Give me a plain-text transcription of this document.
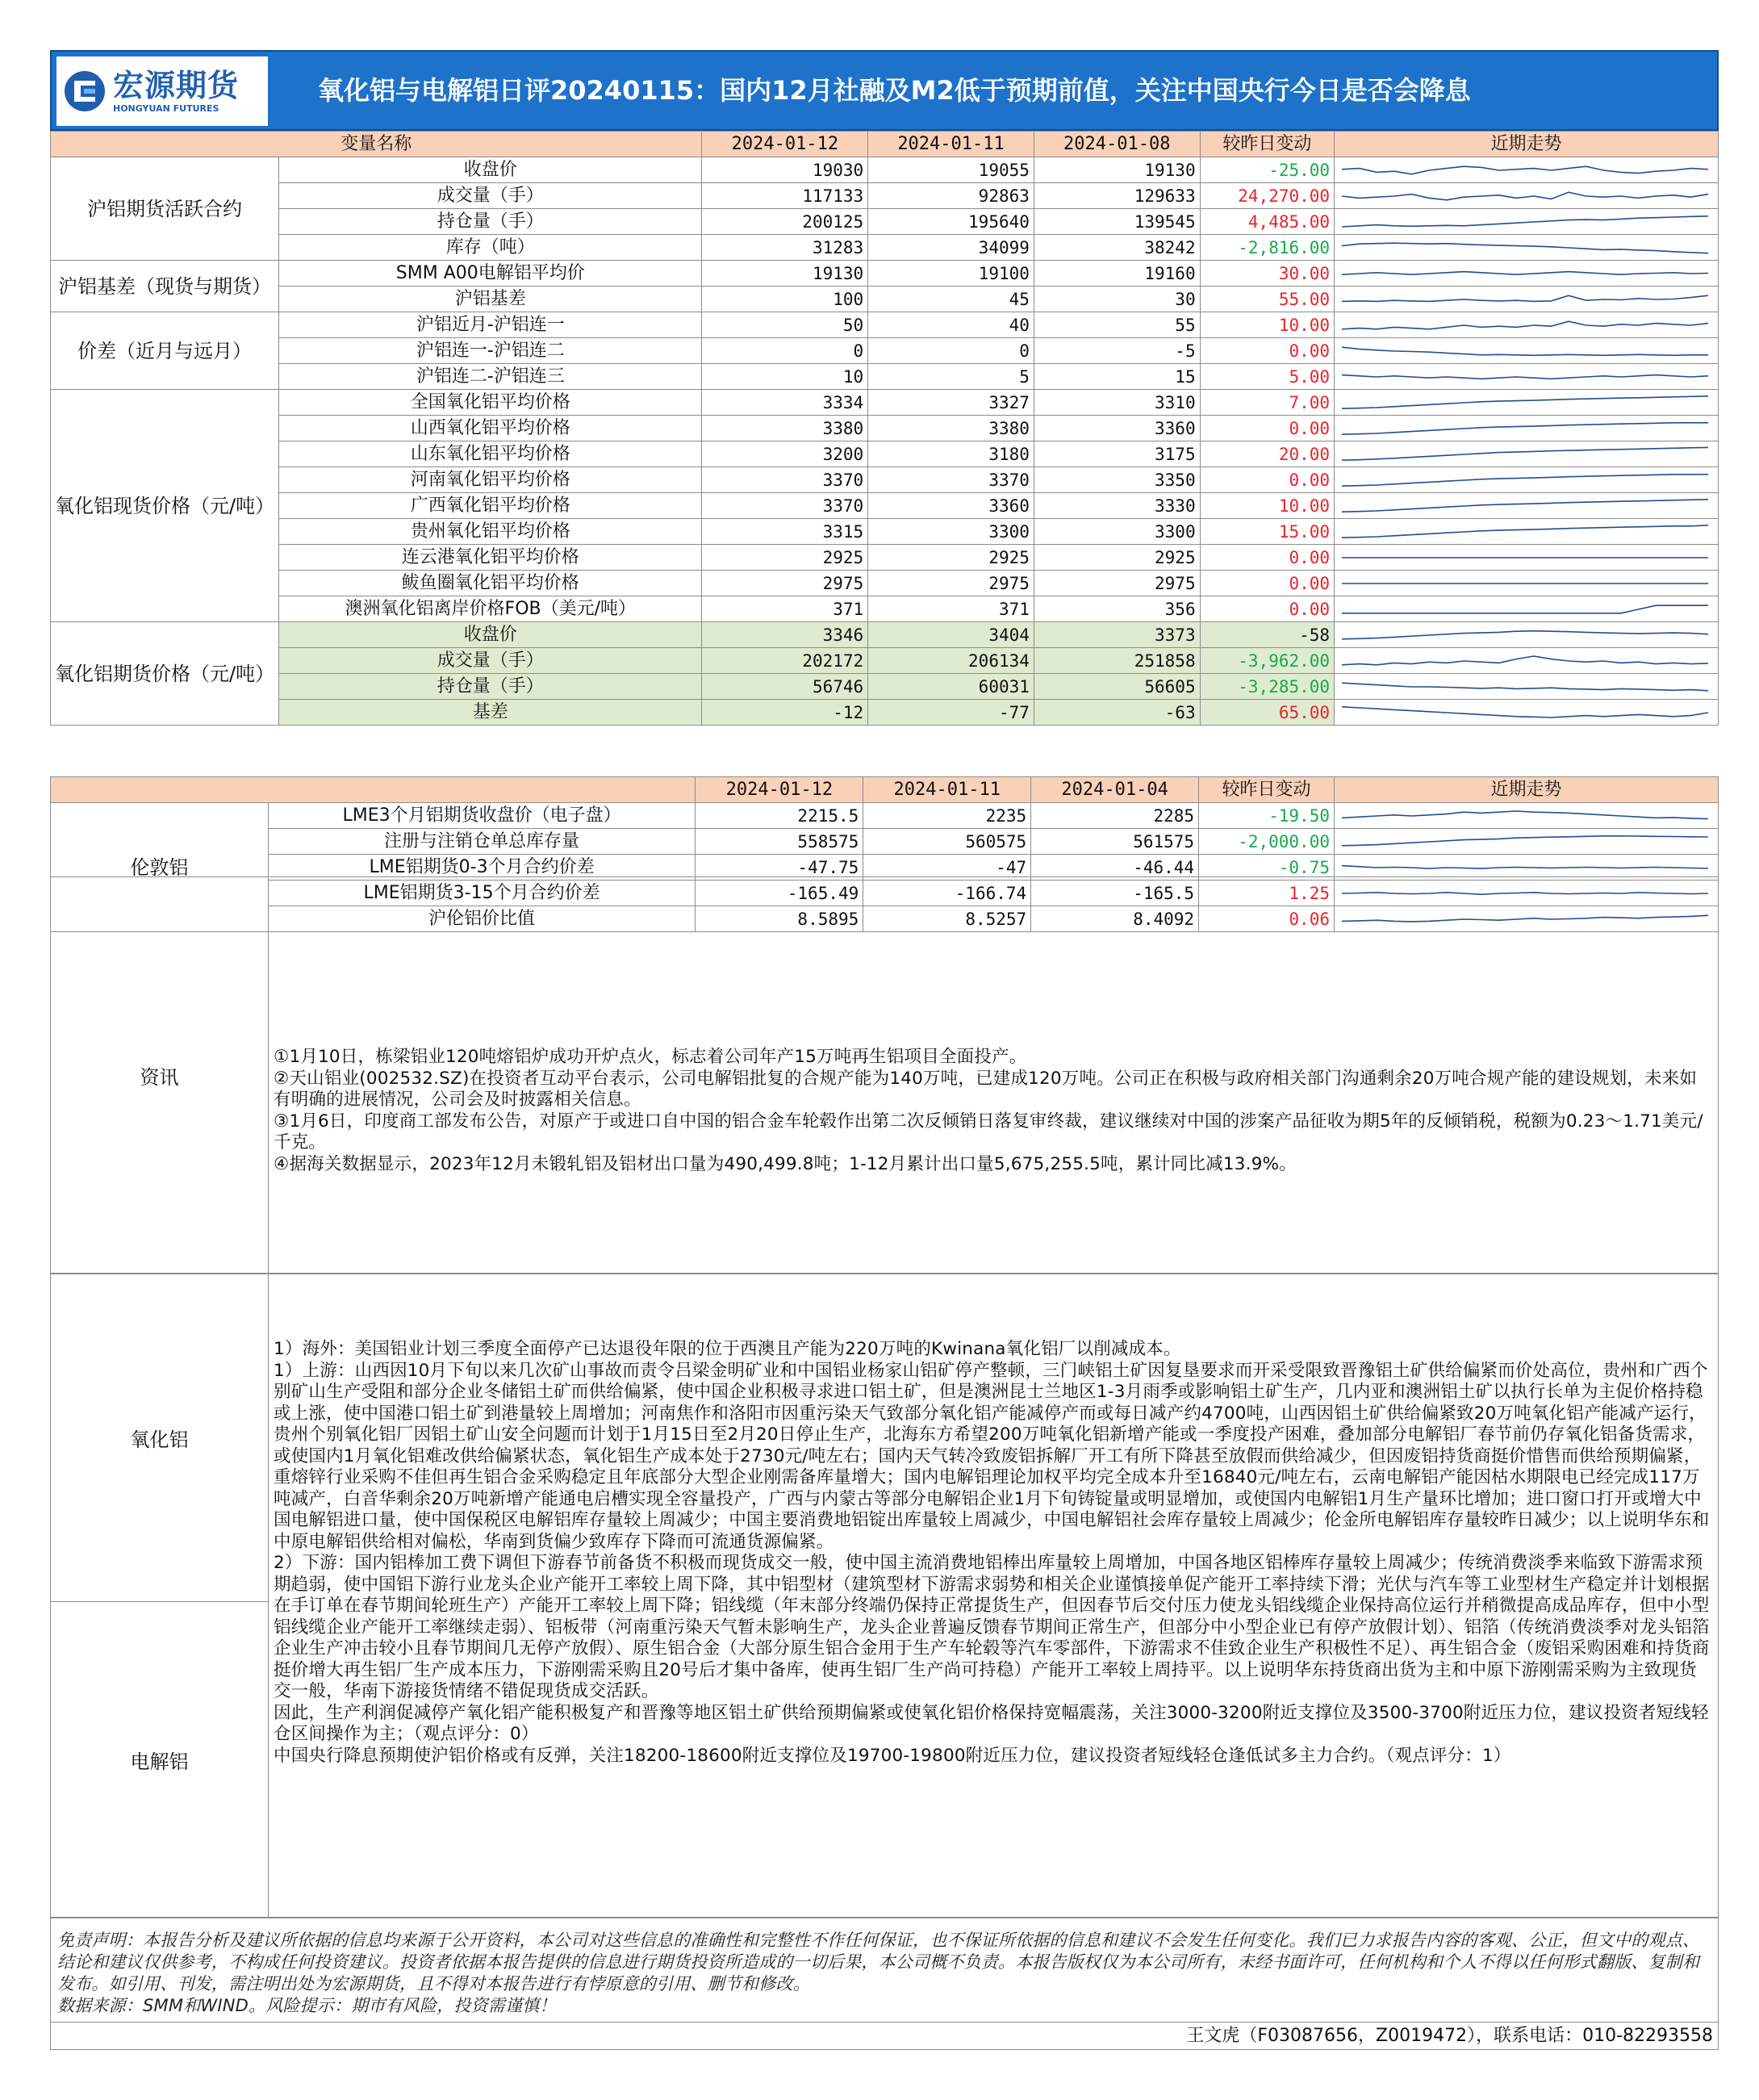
宏源期货
HONGYUAN FUTURES
氧化铝与电解铝日评20240115：国内12月社融及M2低于预期前值，关注中国央行今日是否会降息
变量名称		2024-01-12	2024-01-11	2024-01-08	较昨日变动	近期走势
沪铝期货活跃合约	收盘价	19030	19055	19130	-25.00	

	成交量（手）	117133	92863	129633	24,270.00	

	持仓量（手）	200125	195640	139545	4,485.00	

	库存（吨）	31283	34099	38242	-2,816.00	

沪铝基差（现货与期货）	SMM A00电解铝平均价	19130	19100	19160	30.00	

	沪铝基差	100	45	30	55.00	

价差（近月与远月）	沪铝近月-沪铝连一	50	40	55	10.00	

	沪铝连一-沪铝连二	0	0	-5	0.00	

	沪铝连二-沪铝连三	10	5	15	5.00	

氧化铝现货价格（元/吨）	全国氧化铝平均价格	3334	3327	3310	7.00	

	山西氧化铝平均价格	3380	3380	3360	0.00	

	山东氧化铝平均价格	3200	3180	3175	20.00	

	河南氧化铝平均价格	3370	3370	3350	0.00	

	广西氧化铝平均价格	3370	3360	3330	10.00	

	贵州氧化铝平均价格	3315	3300	3300	15.00	

	连云港氧化铝平均价格	2925	2925	2925	0.00	

	鲅鱼圈氧化铝平均价格	2975	2975	2975	0.00	

	澳洲氧化铝离岸价格FOB（美元/吨）	371	371	356	0.00	

氧化铝期货价格（元/吨）	收盘价	3346	3404	3373	-58	

	成交量（手）	202172	206134	251858	-3,962.00	

	持仓量（手）	56746	60031	56605	-3,285.00	

	基差	-12	-77	-63	65.00	
		2024-01-12	2024-01-11	2024-01-04	较昨日变动	近期走势
伦敦铝	LME3个月铝期货收盘价（电子盘）	2215.5	2235	2285	-19.50	

	注册与注销仓单总库存量	558575	560575	561575	-2,000.00	

	LME铝期货0-3个月合约价差	-47.75	-47	-46.44	-0.75	

	LME铝期货3-15个月合约价差	-165.49	-166.74	-165.5	1.25	

	沪伦铝价比值	8.5895	8.5257	8.4092	0.06	
资讯
①1月10日，栋梁铝业120吨熔铝炉成功开炉点火，标志着公司年产15万吨再生铝项目全面投产。
②天山铝业(002532.SZ)在投资者互动平台表示，公司电解铝批复的合规产能为140万吨，已建成120万吨。公司正在积极与政府相关部门沟通剩余20万吨合规产能的建设规划，未来如有明确的进展情况，公司会及时披露相关信息。
③1月6日，印度商工部发布公告，对原产于或进口自中国的铝合金车轮毂作出第二次反倾销日落复审终裁，建议继续对中国的涉案产品征收为期5年的反倾销税，税额为0.23～1.71美元/千克。
④据海关数据显示，2023年12月未锻轧铝及铝材出口量为490,499.8吨；1-12月累计出口量5,675,255.5吨，累计同比减13.9%。
氧化铝
电解铝
1）海外：美国铝业计划三季度全面停产已达退役年限的位于西澳且产能为220万吨的Kwinana氧化铝厂以削减成本。
1）上游：山西因10月下旬以来几次矿山事故而责令吕梁金明矿业和中国铝业杨家山铝矿停产整顿，三门峡铝土矿因复垦要求而开采受限致晋豫铝土矿供给偏紧而价处高位，贵州和广西个别矿山生产受阻和部分企业冬储铝土矿而供给偏紧，使中国企业积极寻求进口铝土矿，但是澳洲昆士兰地区1-3月雨季或影响铝土矿生产，几内亚和澳洲铝土矿以执行长单为主促价格持稳或上涨，使中国港口铝土矿到港量较上周增加；河南焦作和洛阳市因重污染天气致部分氧化铝产能减停产而或每日减产约4700吨，山西因铝土矿供给偏紧致20万吨氧化铝产能减产运行，贵州个别氧化铝厂因铝土矿山安全问题而计划于1月15日至2月20日停止生产，北海东方希望200万吨氧化铝新增产能或一季度投产困难，叠加部分电解铝厂春节前仍存氧化铝备货需求，或使国内1月氧化铝难改供给偏紧状态，氧化铝生产成本处于2730元/吨左右；国内天气转冷致废铝拆解厂开工有所下降甚至放假而供给减少，但因废铝持货商挺价惜售而供给预期偏紧，重熔锌行业采购不佳但再生铝合金采购稳定且年底部分大型企业刚需备库量增大；国内电解铝理论加权平均完全成本升至16840元/吨左右，云南电解铝产能因枯水期限电已经完成117万吨减产，白音华剩余20万吨新增产能通电启槽实现全容量投产，广西与内蒙古等部分电解铝企业1月下旬铸锭量或明显增加，或使国内电解铝1月生产量环比增加；进口窗口打开或增大中国电解铝进口量，使中国保税区电解铝库存量较上周减少；中国主要消费地铝锭出库量较上周减少，中国电解铝社会库存量较上周减少；伦金所电解铝库存量较昨日减少；以上说明华东和中原电解铝供给相对偏松，华南到货偏少致库存下降而可流通货源偏紧。
2）下游：国内铝棒加工费下调但下游春节前备货不积极而现货成交一般，使中国主流消费地铝棒出库量较上周增加，中国各地区铝棒库存量较上周减少；传统消费淡季来临致下游需求预期趋弱，使中国铝下游行业龙头企业产能开工率较上周下降，其中铝型材（建筑型材下游需求弱势和相关企业谨慎接单促产能开工率持续下滑；光伏与汽车等工业型材生产稳定并计划根据在手订单在春节期间轮班生产）产能开工率较上周下降；铝线缆（年末部分终端仍保持正常提货生产，但因春节后交付压力使龙头铝线缆企业保持高位运行并稍微提高成品库存，但中小型铝线缆企业产能开工率继续走弱）、铝板带（河南重污染天气暂未影响生产，龙头企业普遍反馈春节期间正常生产，但部分中小型企业已有停产放假计划）、铝箔（传统消费淡季对龙头铝箔企业生产冲击较小且春节期间几无停产放假）、原生铝合金（大部分原生铝合金用于生产车轮毂等汽车零部件，下游需求不佳致企业生产积极性不足）、再生铝合金（废铝采购困难和持货商挺价增大再生铝厂生产成本压力，下游刚需采购且20号后才集中备库，使再生铝厂生产尚可持稳）产能开工率较上周持平。以上说明华东持货商出货为主和中原下游刚需采购为主致现货交一般，华南下游接货情绪不错促现货成交活跃。
因此，生产利润促减停产氧化铝产能积极复产和晋豫等地区铝土矿供给预期偏紧或使氧化铝价格保持宽幅震荡，关注3000-3200附近支撑位及3500-3700附近压力位，建议投资者短线轻仓区间操作为主；（观点评分：0）
中国央行降息预期使沪铝价格或有反弹，关注18200-18600附近支撑位及19700-19800附近压力位，建议投资者短线轻仓逢低试多主力合约。（观点评分：1）
免责声明：本报告分析及建议所依据的信息均来源于公开资料，本公司对这些信息的准确性和完整性不作任何保证，也不保证所依据的信息和建议不会发生任何变化。我们已力求报告内容的客观、公正，但文中的观点、结论和建议仅供参考，不构成任何投资建议。投资者依据本报告提供的信息进行期货投资所造成的一切后果，本公司概不负责。本报告版权仅为本公司所有，未经书面许可，任何机构和个人不得以任何形式翻版、复制和发布。如引用、刊发，需注明出处为宏源期货，且不得对本报告进行有悖原意的引用、删节和修改。
数据来源：SMM和WIND。风险提示：期市有风险，投资需谨慎！
王文虎（F03087656，Z0019472），联系电话：010-82293558
